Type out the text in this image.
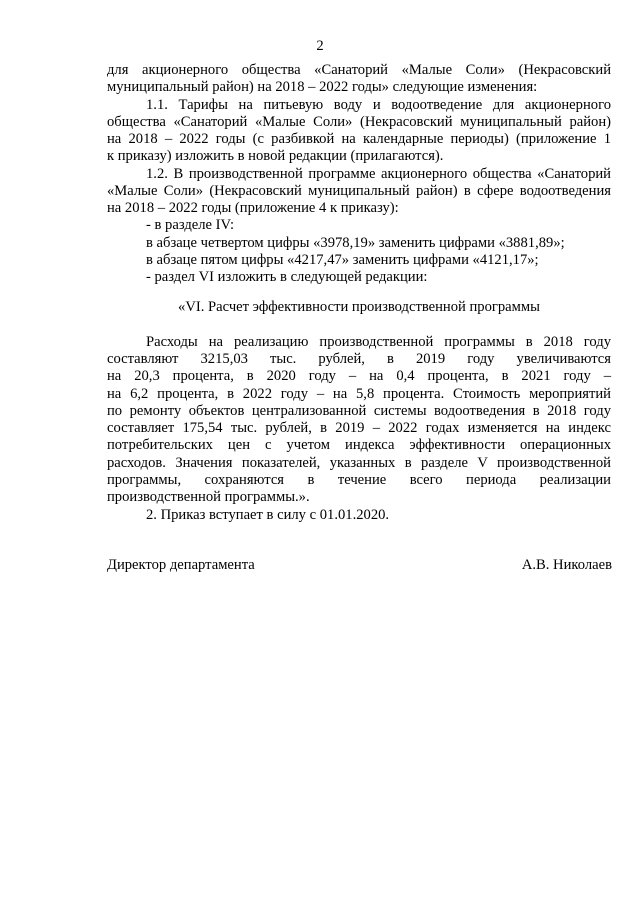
2

для акционерного общества «Санаторий «Малые Соли» (Некрасовский

муниципальный район) на 2018 – 2022 годы» следующие изменения:

1.1. Тарифы на питьевую воду и водоотведение для акционерного

общества «Санаторий «Малые Соли» (Некрасовский муниципальный район)

на 2018 – 2022 годы (с разбивкой на календарные периоды) (приложение 1

к приказу) изложить в новой редакции (прилагаются).

1.2. В производственной программе акционерного общества «Санаторий

«Малые Соли» (Некрасовский муниципальный район) в сфере водоотведения

на 2018 – 2022 годы (приложение 4 к приказу):

- в разделе IV:

в абзаце четвертом цифры «3978,19» заменить цифрами «3881,89»;

в абзаце пятом цифры «4217,47» заменить цифрами «4121,17»;

- раздел VI изложить в следующей редакции:

«VI. Расчет эффективности производственной программы

Расходы на реализацию производственной программы в 2018 году

составляют 3215,03 тыс. рублей, в 2019 году увеличиваются

на 20,3 процента, в 2020 году – на 0,4 процента, в 2021 году –

на 6,2 процента, в 2022 году – на 5,8 процента. Стоимость мероприятий

по ремонту объектов централизованной системы водоотведения в 2018 году

составляет 175,54 тыс. рублей, в 2019 – 2022 годах изменяется на индекс

потребительских цен с учетом индекса эффективности операционных

расходов. Значения показателей, указанных в разделе V производственной

программы, сохраняются в течение всего периода реализации

производственной программы.».

2. Приказ вступает в силу с 01.01.2020.

Директор департамента	А.В. Николаев
